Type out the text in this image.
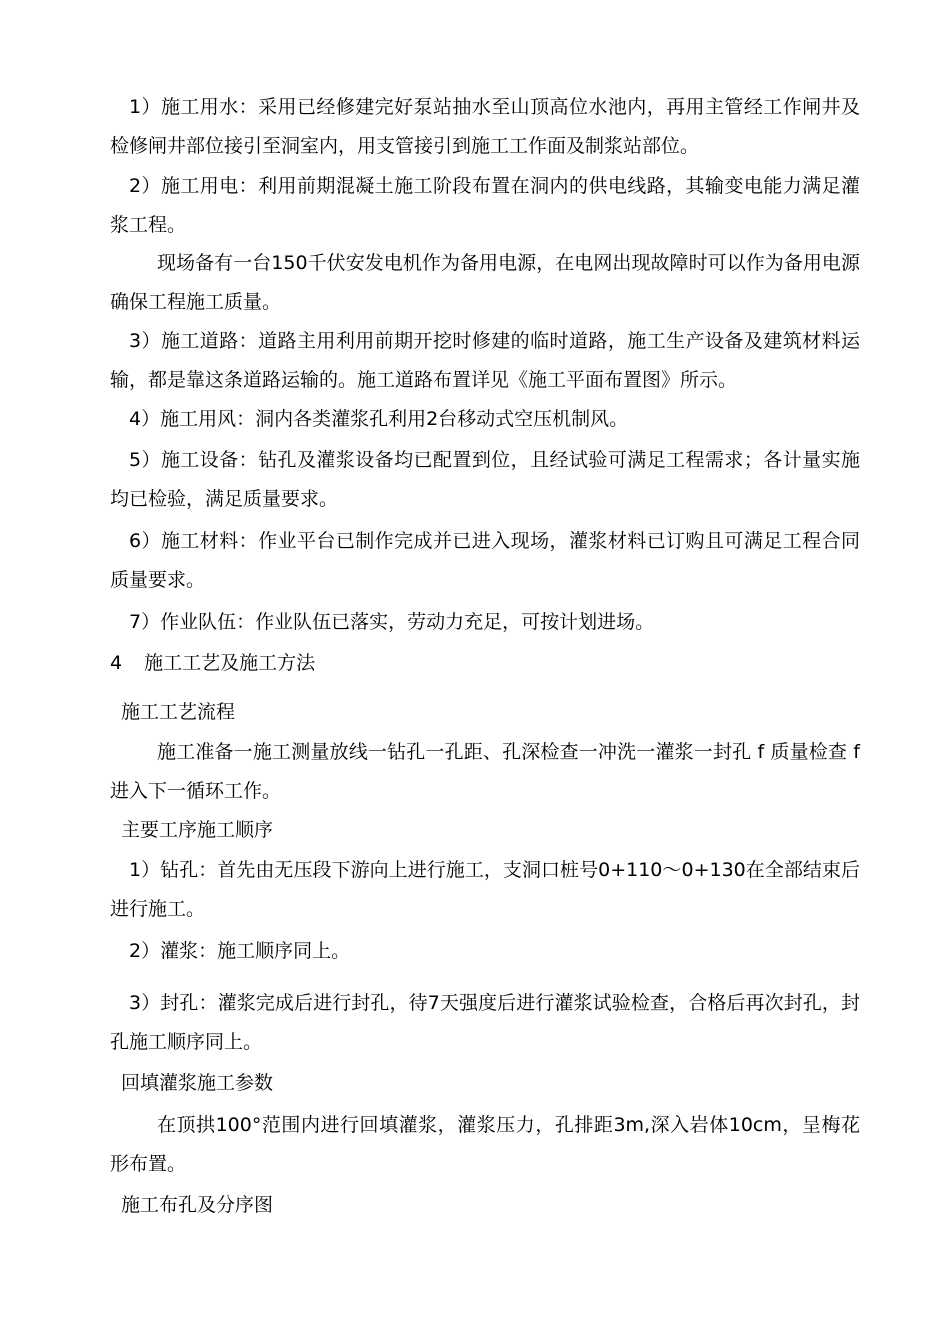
1）施工用水：采用已经修建完好泵站抽水至山顶高位水池内，再用主管经工作闸井及检修闸井部位接引至洞室内，用支管接引到施工工作面及制浆站部位。

2）施工用电：利用前期混凝土施工阶段布置在洞内的供电线路，其输变电能力满足灌浆工程。

现场备有一台150千伏安发电机作为备用电源，在电网出现故障时可以作为备用电源确保工程施工质量。

3）施工道路：道路主用利用前期开挖时修建的临时道路，施工生产设备及建筑材料运输，都是靠这条道路运输的。施工道路布置详见《施工平面布置图》所示。

4）施工用风：洞内各类灌浆孔利用2台移动式空压机制风。

5）施工设备：钻孔及灌浆设备均已配置到位，且经试验可满足工程需求；各计量实施均已检验，满足质量要求。

6）施工材料：作业平台已制作完成并已进入现场，灌浆材料已订购且可满足工程合同质量要求。

7）作业队伍：作业队伍已落实，劳动力充足，可按计划进场。

4 施工工艺及施工方法
施工工艺流程

施工准备一施工测量放线一钻孔一孔距、孔深检查一冲洗一灌浆一封孔 f 质量检查 f 进入下一循环工作。

主要工序施工顺序

1）钻孔：首先由无压段下游向上进行施工，支洞口桩号0+110〜0+130在全部结束后进行施工。

2）灌浆：施工顺序同上。

3）封孔：灌浆完成后进行封孔，待7天强度后进行灌浆试验检查，合格后再次封孔，封孔施工顺序同上。

回填灌浆施工参数

在顶拱100°范围内进行回填灌浆，灌浆压力，孔排距3m,深入岩体10cm，呈梅花形布置。

施工布孔及分序图
